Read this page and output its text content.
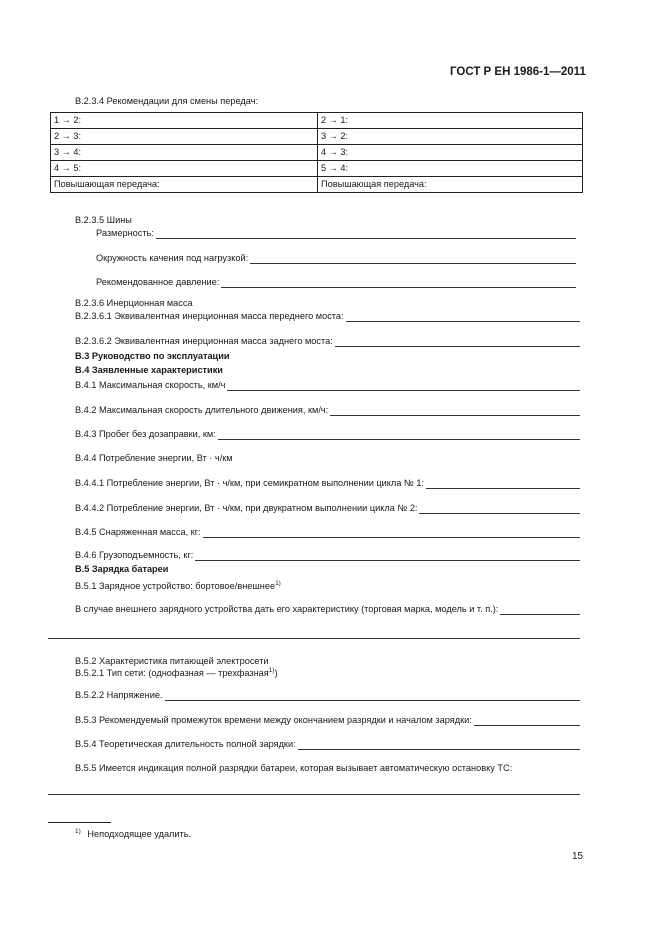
ГОСТ Р ЕН 1986-1—2011
B.2.3.4 Рекомендации для смены передач:
1 → 2:	2 → 1:
2 → 3:	3 → 2:
3 → 4:	4 → 3:
4 → 5:	5 → 4:
Повышающая передача:	Повышающая передача:
B.2.3.5 Шины
Размерность:
Окружность качения под нагрузкой:
Рекомендованное давление:
B.2.3.6 Инерционная масса
B.2.3.6.1 Эквивалентная инерционная масса переднего моста:
B.2.3.6.2 Эквивалентная инерционная масса заднего моста:
B.3 Руководство по эксплуатации
B.4 Заявленные характеристики
B.4.1 Максимальная скорость, км/ч
B.4.2 Максимальная скорость длительного движения, км/ч:
B.4.3 Пробег без дозаправки, км:
B.4.4 Потребление энергии, Вт · ч/км
B.4.4.1 Потребление энергии, Вт · ч/км, при семикратном выполнении цикла № 1:
B.4.4.2 Потребление энергии, Вт · ч/км, при двукратном выполнении цикла № 2:
B.4.5 Снаряженная масса, кг:
B.4.6 Грузоподъемность, кг:
B.5 Зарядка батареи
B.5.1 Зарядное устройство: бортовое/внешнее$^{1)}$
В случае внешнего зарядного устройства дать его характеристику (торговая марка, модель и т. п.):
B.5.2 Характеристика питающей электросети
B.5.2.1 Тип сети: (однофазная — трехфазная$^{1)}$)
B.5.2.2 Напряжение.
B.5.3 Рекомендуемый промежуток времени между окончанием разрядки и началом зарядки:
B.5.4 Теоретическая длительность полной зарядки:
B.5.5 Имеется индикация полной разрядки батареи, которая вызывает автоматическую остановку ТС:
$^{1)}$ Неподходящее удалить.
15
